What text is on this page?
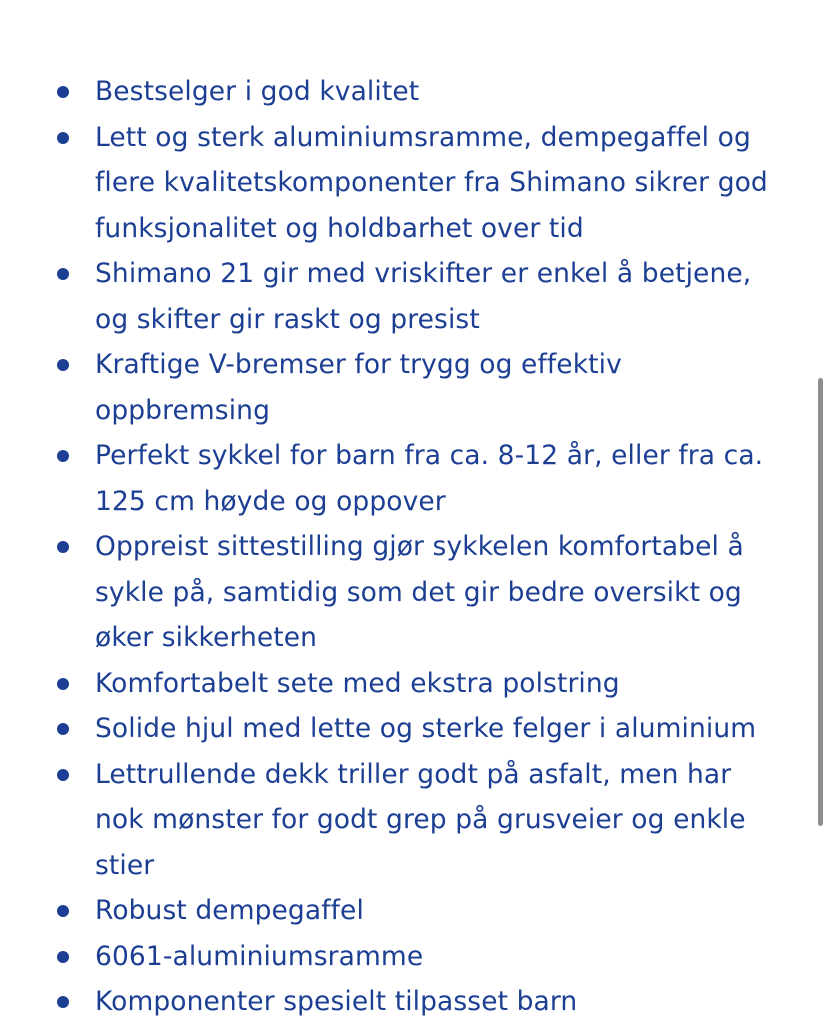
Bestselger i god kvalitet
Lett og sterk aluminiumsramme, dempegaffel og flere kvalitetskomponenter fra Shimano sikrer god funksjonalitet og holdbarhet over tid
Shimano 21 gir med vriskifter er enkel å betjene, og skifter gir raskt og presist
Kraftige V-bremser for trygg og effektiv oppbremsing
Perfekt sykkel for barn fra ca. 8-12 år, eller fra ca. 125 cm høyde og oppover
Oppreist sittestilling gjør sykkelen komfortabel å sykle på, samtidig som det gir bedre oversikt og øker sikkerheten
Komfortabelt sete med ekstra polstring
Solide hjul med lette og sterke felger i aluminium
Lettrullende dekk triller godt på asfalt, men har nok mønster for godt grep på grusveier og enkle stier
Robust dempegaffel
6061-aluminiumsramme
Komponenter spesielt tilpasset barn
